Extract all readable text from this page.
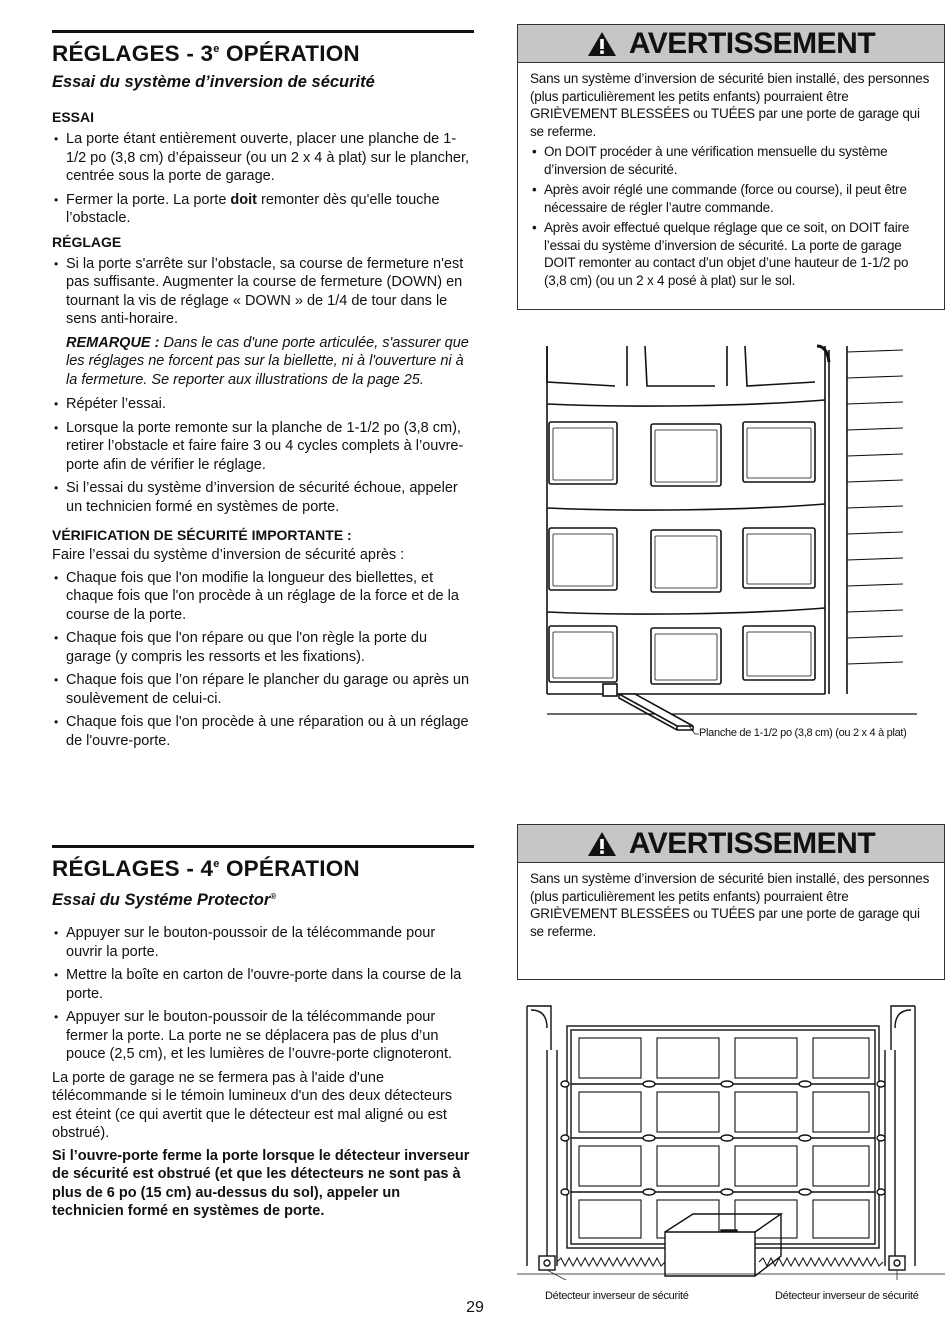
RÉGLAGES - 3e OPÉRATION
Essai du système d’inversion de sécurité
ESSAI
• La porte étant entièrement ouverte, placer une planche de 1-1/2 po (3,8 cm) d’épaisseur (ou un 2 x 4 à plat) sur le plancher, centrée sous la porte de garage.
• Fermer la porte. La porte doit remonter dès qu'elle touche l’obstacle.
RÉGLAGE
• Si la porte s'arrête sur l’obstacle, sa course de fermeture n'est pas suffisante. Augmenter la course de fermeture (DOWN) en tournant la vis de réglage « DOWN » de 1/4 de tour dans le sens anti-horaire.
REMARQUE : Dans le cas d'une porte articulée, s'assurer que les réglages ne forcent pas sur la biellette, ni à l'ouverture ni à la fermeture. Se reporter aux illustrations de la page 25.
• Répéter l’essai.
• Lorsque la porte remonte sur la planche de 1-1/2 po (3,8 cm), retirer l’obstacle et faire faire 3 ou 4 cycles complets à l’ouvre-porte afin de vérifier le réglage.
• Si l’essai du système d’inversion de sécurité échoue, appeler un technicien formé en systèmes de porte.
VÉRIFICATION DE SÉCURITÉ IMPORTANTE :

Faire l’essai du système d’inversion de sécurité après :

• Chaque fois que l'on modifie la longueur des biellettes, et chaque fois que l'on procède à un réglage de la force et de la course de la porte.
• Chaque fois que l'on répare ou que l'on règle la porte du garage (y compris les ressorts et les fixations).
• Chaque fois que l’on répare le plancher du garage ou après un soulèvement de celui-ci.
• Chaque fois que l'on procède à une réparation ou à un réglage de l'ouvre-porte.
RÉGLAGES - 4e OPÉRATION
Essai du Systéme Protector®
• Appuyer sur le bouton-poussoir de la télécommande pour ouvrir la porte.
• Mettre la boîte en carton de l'ouvre-porte dans la course de la porte.
• Appuyer sur le bouton-poussoir de la télécommande pour fermer la porte. La porte ne se déplacera pas de plus d’un pouce (2,5 cm), et les lumières de l’ouvre-porte clignoteront.

La porte de garage ne se fermera pas à l'aide d'une télécommande si le témoin lumineux d'un des deux détecteurs est éteint (ce qui avertit que le détecteur est mal aligné ou est obstrué).

Si l’ouvre-porte ferme la porte lorsque le détecteur inverseur de sécurité est obstrué (et que les détecteurs ne sont pas à plus de 6 po (15 cm) au-dessus du sol), appeler un technicien formé en systèmes de porte.

AVERTISSEMENT
Sans un système d’inversion de sécurité bien installé, des personnes (plus particulièrement les petits enfants) pourraient être GRIÈVEMENT BLESSÉES ou TUÉES par une porte de garage qui se referme.
• On DOIT procéder à une vérification mensuelle du système d’inversion de sécurité.
• Après avoir réglé une commande (force ou course), il peut être nécessaire de régler l’autre commande.
• Après avoir effectué quelque réglage que ce soit, on DOIT faire l’essai du système d’inversion de sécurité. La porte de garage DOIT remonter au contact d’un objet d’une hauteur de 1-1/2 po (3,8 cm) (ou un 2 x 4 posé à plat) sur le sol.
Planche de 1-1/2 po (3,8 cm) (ou 2 x 4 à plat)
AVERTISSEMENT
Sans un système d’inversion de sécurité bien installé, des personnes (plus particulièrement les petits enfants) pourraient être GRIÈVEMENT BLESSÉES ou TUÉES par une porte de garage qui se referme.
Détecteur inverseur de sécurité	Détecteur inverseur de sécurité
29
